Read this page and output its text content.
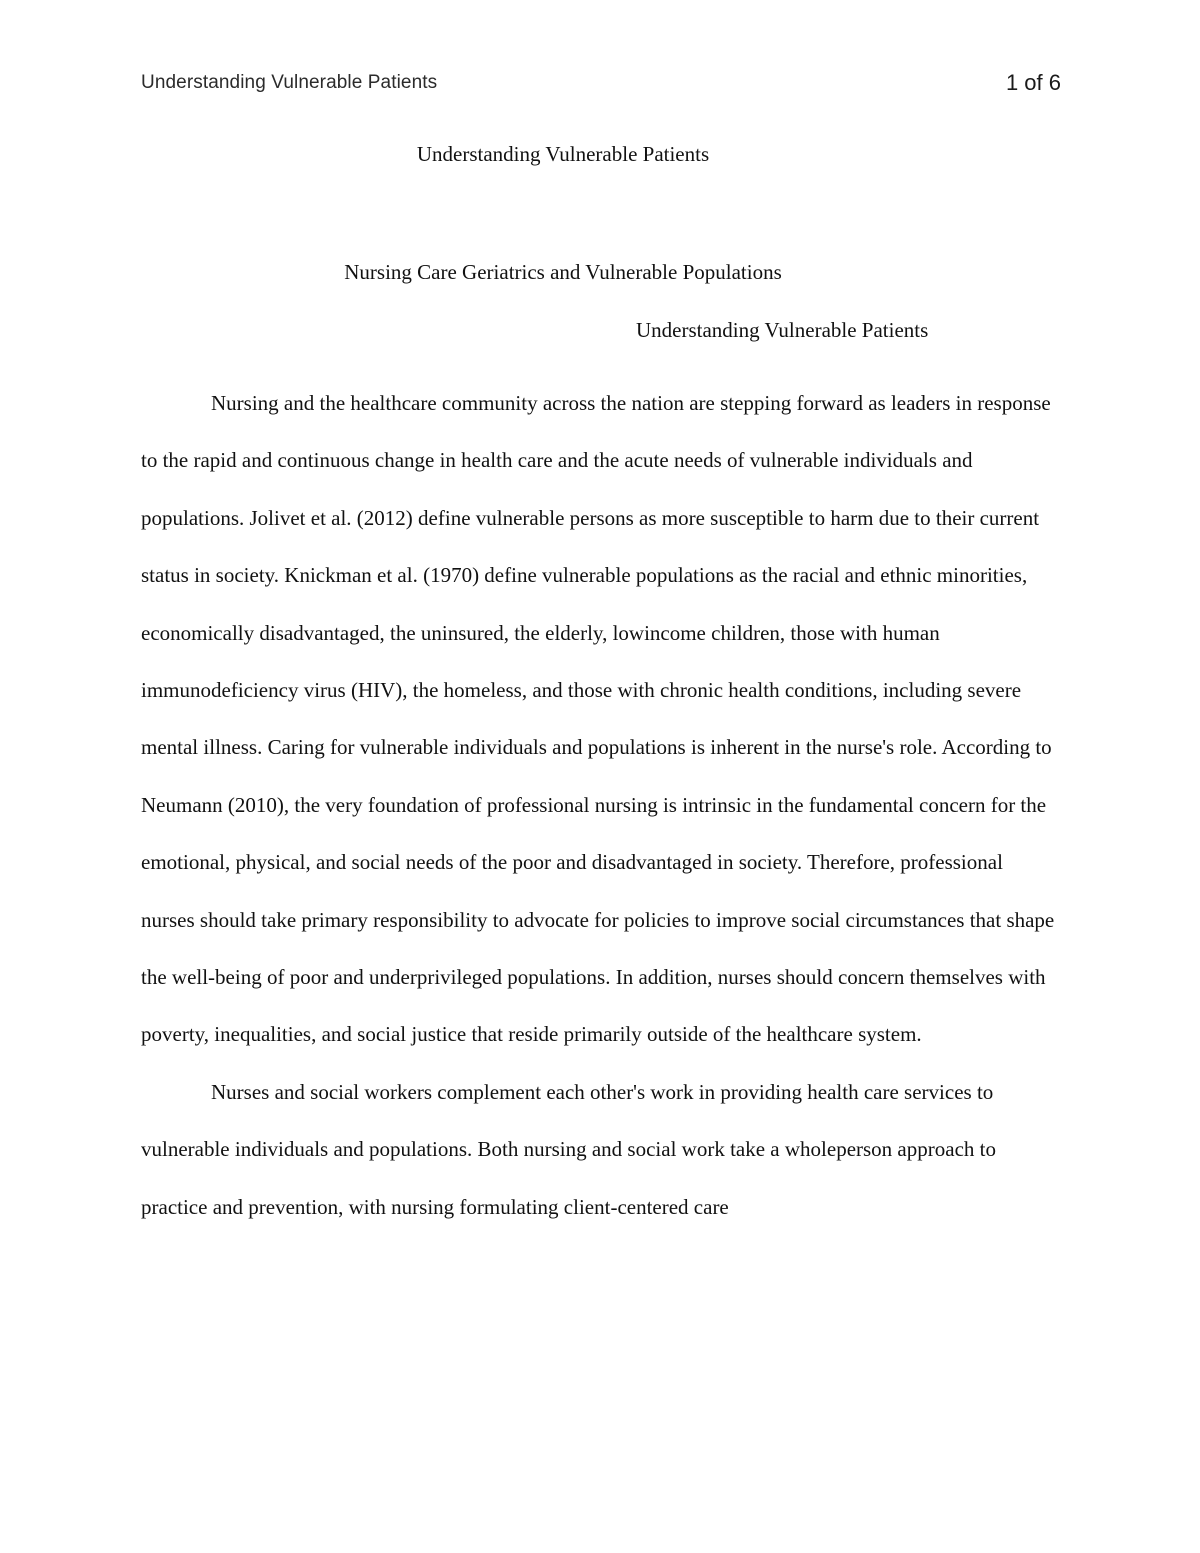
Understanding Vulnerable Patients	1 of 6
Understanding Vulnerable Patients
Nursing Care Geriatrics and Vulnerable Populations
Understanding Vulnerable Patients

Nursing and the healthcare community across the nation are stepping forward as leaders in response to the rapid and continuous change in health care and the acute needs of vulnerable individuals and populations. Jolivet et al. (2012) define vulnerable persons as more susceptible to harm due to their current status in society. Knickman et al. (1970) define vulnerable populations as the racial and ethnic minorities, economically disadvantaged, the uninsured, the elderly, lowincome children, those with human immunodeficiency virus (HIV), the homeless, and those with chronic health conditions, including severe mental illness. Caring for vulnerable individuals and populations is inherent in the nurse's role. According to Neumann (2010), the very foundation of professional nursing is intrinsic in the fundamental concern for the emotional, physical, and social needs of the poor and disadvantaged in society. Therefore, professional nurses should take primary responsibility to advocate for policies to improve social circumstances that shape the well-being of poor and underprivileged populations. In addition, nurses should concern themselves with poverty, inequalities, and social justice that reside primarily outside of the healthcare system.

Nurses and social workers complement each other's work in providing health care services to vulnerable individuals and populations. Both nursing and social work take a wholeperson approach to practice and prevention, with nursing formulating client-centered care
